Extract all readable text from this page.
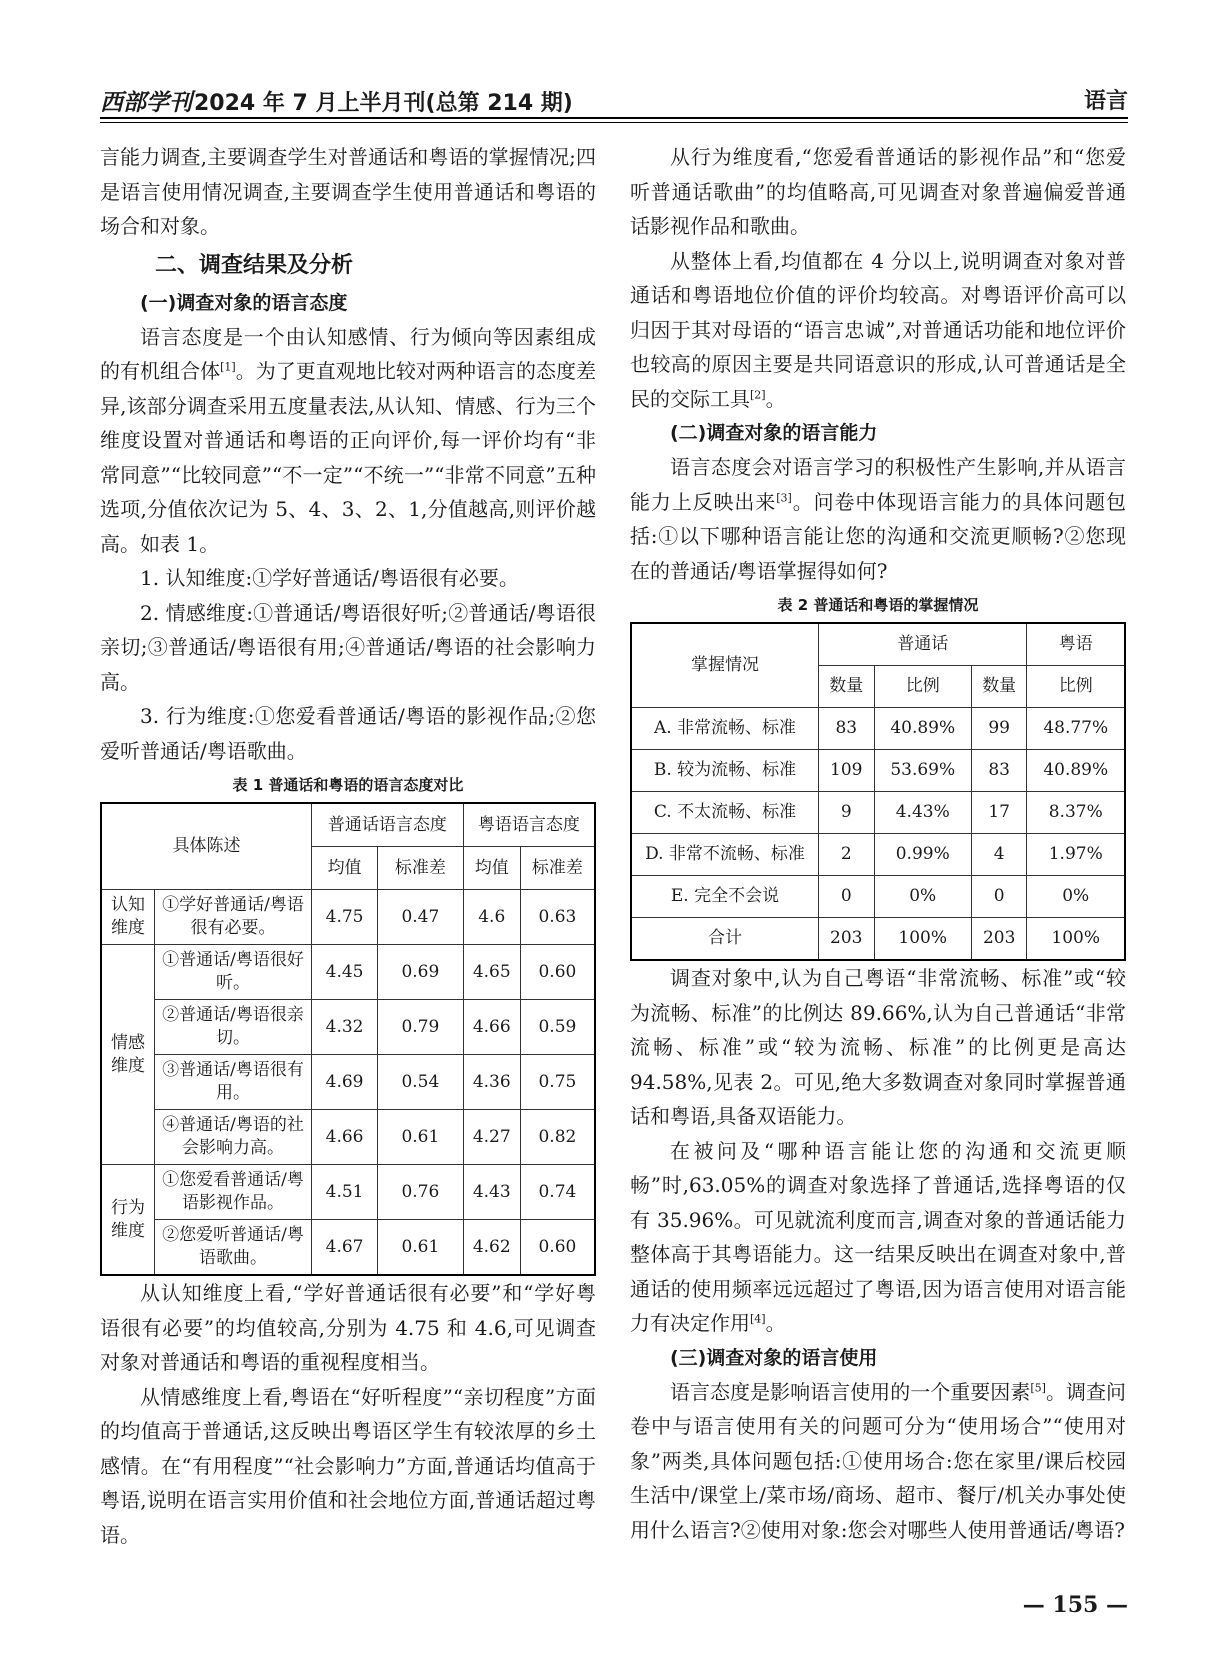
西部学刊2024 年 7 月上半月刊(总第 214 期)	语言

言能力调查,主要调查学生对普通话和粤语的掌握情况;四是语言使用情况调查,主要调查学生使用普通话和粤语的场合和对象。

二、调查结果及分析
(一)调查对象的语言态度

语言态度是一个由认知感情、行为倾向等因素组成的有机组合体[1]。为了更直观地比较对两种语言的态度差异,该部分调查采用五度量表法,从认知、情感、行为三个维度设置对普通话和粤语的正向评价,每一评价均有“非常同意”“比较同意”“不一定”“不统一”“非常不同意”五种选项,分值依次记为 5、4、3、2、1,分值越高,则评价越高。如表 1。

1. 认知维度:①学好普通话/粤语很有必要。

2. 情感维度:①普通话/粤语很好听;②普通话/粤语很亲切;③普通话/粤语很有用;④普通话/粤语的社会影响力高。

3. 行为维度:①您爱看普通话/粤语的影视作品;②您爱听普通话/粤语歌曲。

表 1 普通话和粤语的语言态度对比
具体陈述		普通话语言态度		粤语语言态度	
		均值	标准差	均值	标准差
认知维度	①学好普通话/粤语很有必要。	4.75	0.47	4.6	0.63
情感维度	①普通话/粤语很好听。	4.45	0.69	4.65	0.60
	②普通话/粤语很亲切。	4.32	0.79	4.66	0.59
	③普通话/粤语很有用。	4.69	0.54	4.36	0.75
	④普通话/粤语的社会影响力高。	4.66	0.61	4.27	0.82
行为维度	①您爱看普通话/粤语影视作品。	4.51	0.76	4.43	0.74
	②您爱听普通话/粤语歌曲。	4.67	0.61	4.62	0.60

从认知维度上看,“学好普通话很有必要”和“学好粤语很有必要”的均值较高,分别为 4.75 和 4.6,可见调查对象对普通话和粤语的重视程度相当。

从情感维度上看,粤语在“好听程度”“亲切程度”方面的均值高于普通话,这反映出粤语区学生有较浓厚的乡土感情。在“有用程度”“社会影响力”方面,普通话均值高于粤语,说明在语言实用价值和社会地位方面,普通话超过粤语。

从行为维度看,“您爱看普通话的影视作品”和“您爱听普通话歌曲”的均值略高,可见调查对象普遍偏爱普通话影视作品和歌曲。

从整体上看,均值都在 4 分以上,说明调查对象对普通话和粤语地位价值的评价均较高。对粤语评价高可以归因于其对母语的“语言忠诚”,对普通话功能和地位评价也较高的原因主要是共同语意识的形成,认可普通话是全民的交际工具[2]。

(二)调查对象的语言能力

语言态度会对语言学习的积极性产生影响,并从语言能力上反映出来[3]。问卷中体现语言能力的具体问题包括:①以下哪种语言能让您的沟通和交流更顺畅?②您现在的普通话/粤语掌握得如何?

表 2 普通话和粤语的掌握情况
掌握情况	普通话			粤语
	数量	比例	数量	比例
A. 非常流畅、标准	83	40.89%	99	48.77%
B. 较为流畅、标准	109	53.69%	83	40.89%
C. 不太流畅、标准	9	4.43%	17	8.37%
D. 非常不流畅、标准	2	0.99%	4	1.97%
E. 完全不会说	0	0%	0	0%
合计	203	100%	203	100%

调查对象中,认为自己粤语“非常流畅、标准”或“较为流畅、标准”的比例达 89.66%,认为自己普通话“非常流畅、标准”或“较为流畅、标准”的比例更是高达 94.58%,见表 2。可见,绝大多数调查对象同时掌握普通话和粤语,具备双语能力。

在被问及“哪种语言能让您的沟通和交流更顺畅”时,63.05%的调查对象选择了普通话,选择粤语的仅有 35.96%。可见就流利度而言,调查对象的普通话能力整体高于其粤语能力。这一结果反映出在调查对象中,普通话的使用频率远远超过了粤语,因为语言使用对语言能力有决定作用[4]。

(三)调查对象的语言使用

语言态度是影响语言使用的一个重要因素[5]。调查问卷中与语言使用有关的问题可分为“使用场合”“使用对象”两类,具体问题包括:①使用场合:您在家里/课后校园生活中/课堂上/菜市场/商场、超市、餐厅/机关办事处使用什么语言?②使用对象:您会对哪些人使用普通话/粤语?

— 155 —
